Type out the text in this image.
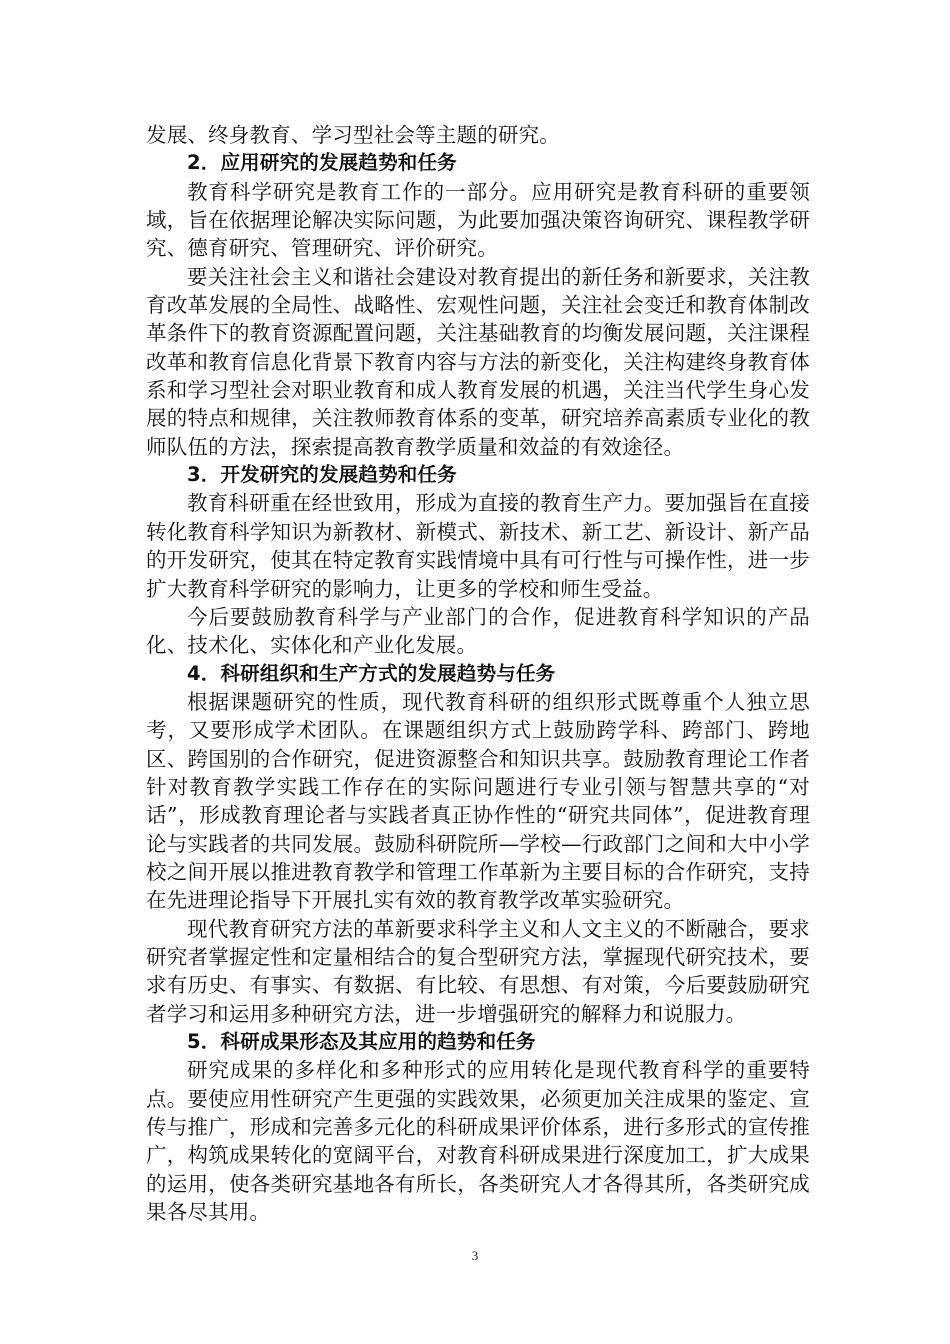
发展、终身教育、学习型社会等主题的研究。

2．应用研究的发展趋势和任务

教育科学研究是教育工作的一部分。应用研究是教育科研的重要领域，旨在依据理论解决实际问题，为此要加强决策咨询研究、课程教学研究、德育研究、管理研究、评价研究。

要关注社会主义和谐社会建设对教育提出的新任务和新要求，关注教育改革发展的全局性、战略性、宏观性问题，关注社会变迁和教育体制改革条件下的教育资源配置问题，关注基础教育的均衡发展问题，关注课程改革和教育信息化背景下教育内容与方法的新变化，关注构建终身教育体系和学习型社会对职业教育和成人教育发展的机遇，关注当代学生身心发展的特点和规律，关注教师教育体系的变革，研究培养高素质专业化的教师队伍的方法，探索提高教育教学质量和效益的有效途径。

3．开发研究的发展趋势和任务

教育科研重在经世致用，形成为直接的教育生产力。要加强旨在直接转化教育科学知识为新教材、新模式、新技术、新工艺、新设计、新产品的开发研究，使其在特定教育实践情境中具有可行性与可操作性，进一步扩大教育科学研究的影响力，让更多的学校和师生受益。

今后要鼓励教育科学与产业部门的合作，促进教育科学知识的产品化、技术化、实体化和产业化发展。

4．科研组织和生产方式的发展趋势与任务

根据课题研究的性质，现代教育科研的组织形式既尊重个人独立思考，又要形成学术团队。在课题组织方式上鼓励跨学科、跨部门、跨地区、跨国别的合作研究，促进资源整合和知识共享。鼓励教育理论工作者针对教育教学实践工作存在的实际问题进行专业引领与智慧共享的“对话”，形成教育理论者与实践者真正协作性的“研究共同体”，促进教育理论与实践者的共同发展。鼓励科研院所—学校—行政部门之间和大中小学校之间开展以推进教育教学和管理工作革新为主要目标的合作研究，支持在先进理论指导下开展扎实有效的教育教学改革实验研究。

现代教育研究方法的革新要求科学主义和人文主义的不断融合，要求研究者掌握定性和定量相结合的复合型研究方法，掌握现代研究技术，要求有历史、有事实、有数据、有比较、有思想、有对策，今后要鼓励研究者学习和运用多种研究方法，进一步增强研究的解释力和说服力。

5．科研成果形态及其应用的趋势和任务

研究成果的多样化和多种形式的应用转化是现代教育科学的重要特点。要使应用性研究产生更强的实践效果，必须更加关注成果的鉴定、宣传与推广，形成和完善多元化的科研成果评价体系，进行多形式的宣传推广，构筑成果转化的宽阔平台，对教育科研成果进行深度加工，扩大成果的运用，使各类研究基地各有所长，各类研究人才各得其所，各类研究成果各尽其用。

3
